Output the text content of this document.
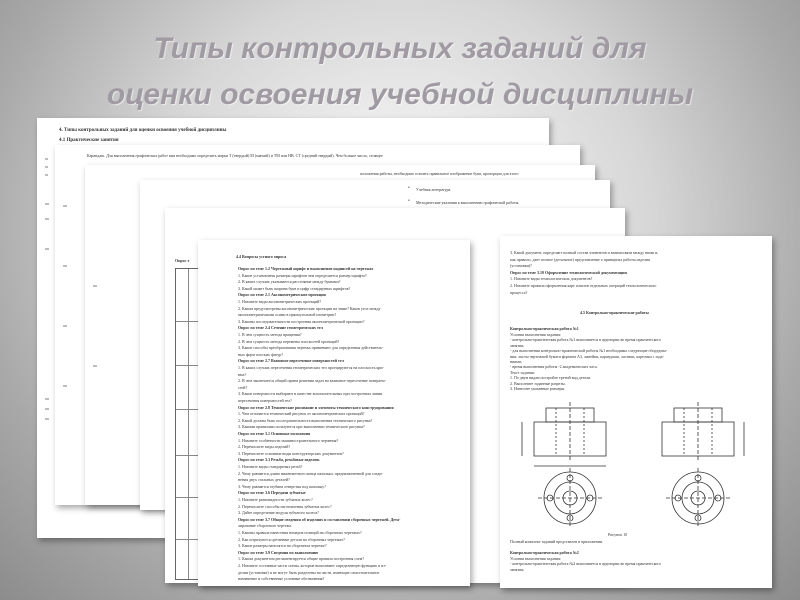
Типы контрольных заданий для
оценки освоения учебной дисциплины
4. Типы контрольных заданий для оценки освоения учебной дисциплины
4.1 Практические занятия
Карандаш. Для выполнения графических работ вам необходимо определить марки Т (твердый) М (мягкий) и ТМ или НВ. СТ (средний твердый). Чем больше число, стоящее
положения работы, необходимо освоить правильное изображение букв, пропорции для этого
• Учебная литература.
• Методические указания к выполнению графической работы.
Опрос т
4.4 Вопросы устного опроса
Опрос по теме 1.2 Чертежный шрифт и выполнение надписей на чертежах
1. Какие установлены размеры шрифтов чем определяется размер шрифта?
2. В каких случаях указывается расстояние между буквами?
3. Какой может быть ширина букв и цифр стандартных шрифтов?
Опрос по теме 2.1 Аксонометрические проекции
1. Назовите виды аксонометрических проекций?
2. Каким предусмотрены аксонометрические проекции на знаке? Каков угол между
аксонометрическими осями в прямоугольной изометрии?
3. Каковы последовательности построения аксонометрической проекции?
Опрос по теме 2.4 Сечение геометрических тел
1. В чем сущность метода вращения?
2. В чем сущность метода перемены плоскостей проекций?
3. Какие способы преобразования чертежа применяют для определения действитель-
ных форм плоских фигур?
Опрос по теме 2.7 Взаимное пересечение поверхностей тел
1. В каких случаях пересечения геометрических тел проецируются на плоскость кри-
вых?
2. В чем заключается общий прием решения задач на взаимное пересечение поверхно-
стей?
3. Какие поверхности выбирают в качестве вспомогательных при построении линии
пересечения поверхностей тел?
Опрос по теме 2.8 Технические рисование и элементы технического конструирования
1. Чем отличается технический рисунок от аксонометрических проекций?
2. Какой должна быть последовательность выполнения технического рисунка?
3. Какими правилами пользуются при выполнении технического рисунка?
Опрос по теме 3.1 Основные положения
1. Назовите особенности машиностроительного черчения?
2. Перечислите виды изделий?
3. Перечислите основные виды конструкторских документов?
Опрос по теме 3.3 Резьба, резьбовые изделия.
1. Назовите виды стандартных резьб?
2. Чему равняется длина нижнеметного конца шпильки, предназначенной для соеди-
нения двух стальных деталей?
3. Чему равняется глубина отверстия под шпильку?
Опрос по теме 3.6 Передачи зубчатые
1. Назовите разновидности зубчатых колес?
2. Перечислите способы изготовления зубчатых колес?
3. Дайте определение модуля зубчатого колеса?
Опрос по теме 3.7 Общие сведения об изделиях и составлении сборочных чертежей. Дета-
лирование сборочного чертежа.
1. Каковы правила нанесения номеров позиций на сборочных чертежах?
2. Как штрихуются срезанные детали на сборочных чертежах?
3. Какие размеры наносятся на сборочном чертеже?
Опрос по теме 3.9 Сведения по выполнению
1. Каким документом регламентируется общие правила построения схем?
2. Назовите составные части схемы, которые выполняют определенную функцию в из-
делии (установке) и не могут быть разделены на части, имеющие самостоятельное
назначение и собственные условные обозначения?
3. Какой документ, определяет полный состав элементов и взаимосвязи между ними и,
как правило, дает полное (детальное) представление о принципах работы изделия
(установки)?
Опрос по теме 3.10 Оформление технологической документации
1. Назовите виды технологических документов?
2. Назовите правила оформления карт эскизов отдельных операций технологического
процесса?
4.5 Контрольно-практические работы
Контрольно-практическая работа №1
Условия выполнения задания:
- контрольно-практическая работа №1 выполняется в аудитории во время практического
занятия;
- для выполнения контрольно-практической работы №1 необходимы следующие оборудова-
ния: листы чертежной бумаги формата А3, линейки, карандаши, ластики, карточки с зада-
ниями;
- время выполнения работы -2 академических часа.
Текст задания:
1. По двум видам постройте третий вид детали.
2. Выполните заданные разрезы.
3. Нанесите указанные размеры.
Рисунок 10
Полный комплект заданий представлен в приложении.
Контрольно-практическая работа №2
Условия выполнения задания:
- контрольно-практическая работа №2 выполняется в аудитории во время практического
занятия;
